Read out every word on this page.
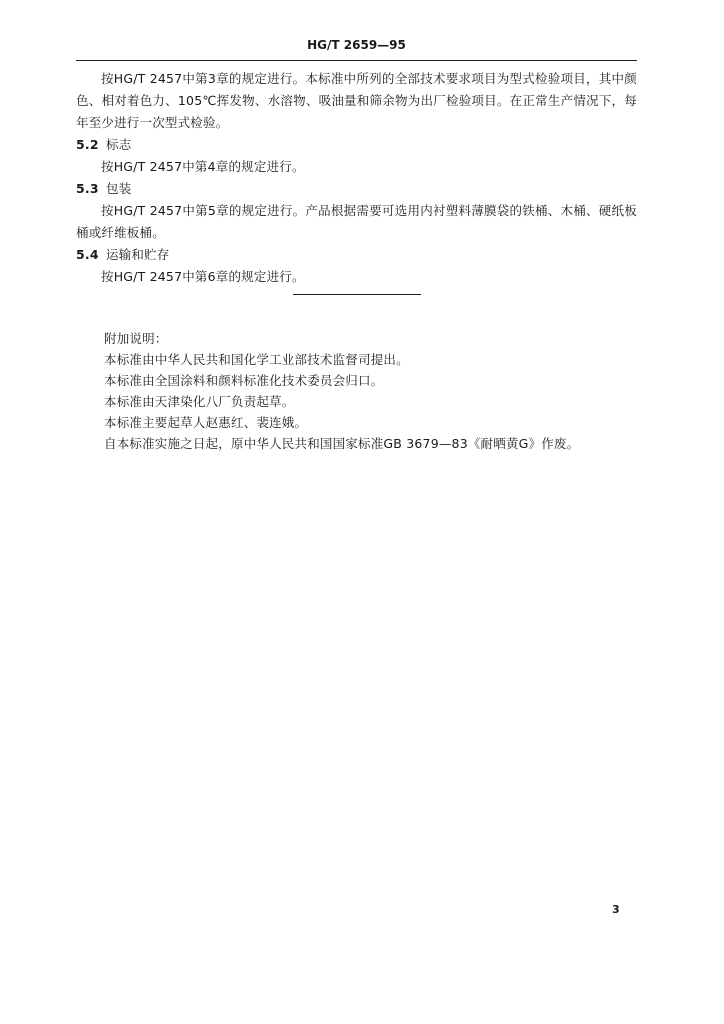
HG/T 2659—95

按HG/T 2457中第3章的规定进行。本标准中所列的全部技术要求项目为型式检验项目，其中颜色、相对着色力、105℃挥发物、水溶物、吸油量和筛余物为出厂检验项目。在正常生产情况下，每年至少进行一次型式检验。

5.2 标志

按HG/T 2457中第4章的规定进行。

5.3 包装

按HG/T 2457中第5章的规定进行。产品根据需要可选用内衬塑料薄膜袋的铁桶、木桶、硬纸板桶或纤维板桶。

5.4 运输和贮存

按HG/T 2457中第6章的规定进行。

附加说明：

本标准由中华人民共和国化学工业部技术监督司提出。

本标准由全国涂料和颜料标准化技术委员会归口。

本标准由天津染化八厂负责起草。

本标准主要起草人赵惠红、裴连娥。

自本标准实施之日起，原中华人民共和国国家标准GB 3679—83《耐晒黄G》作废。

3
